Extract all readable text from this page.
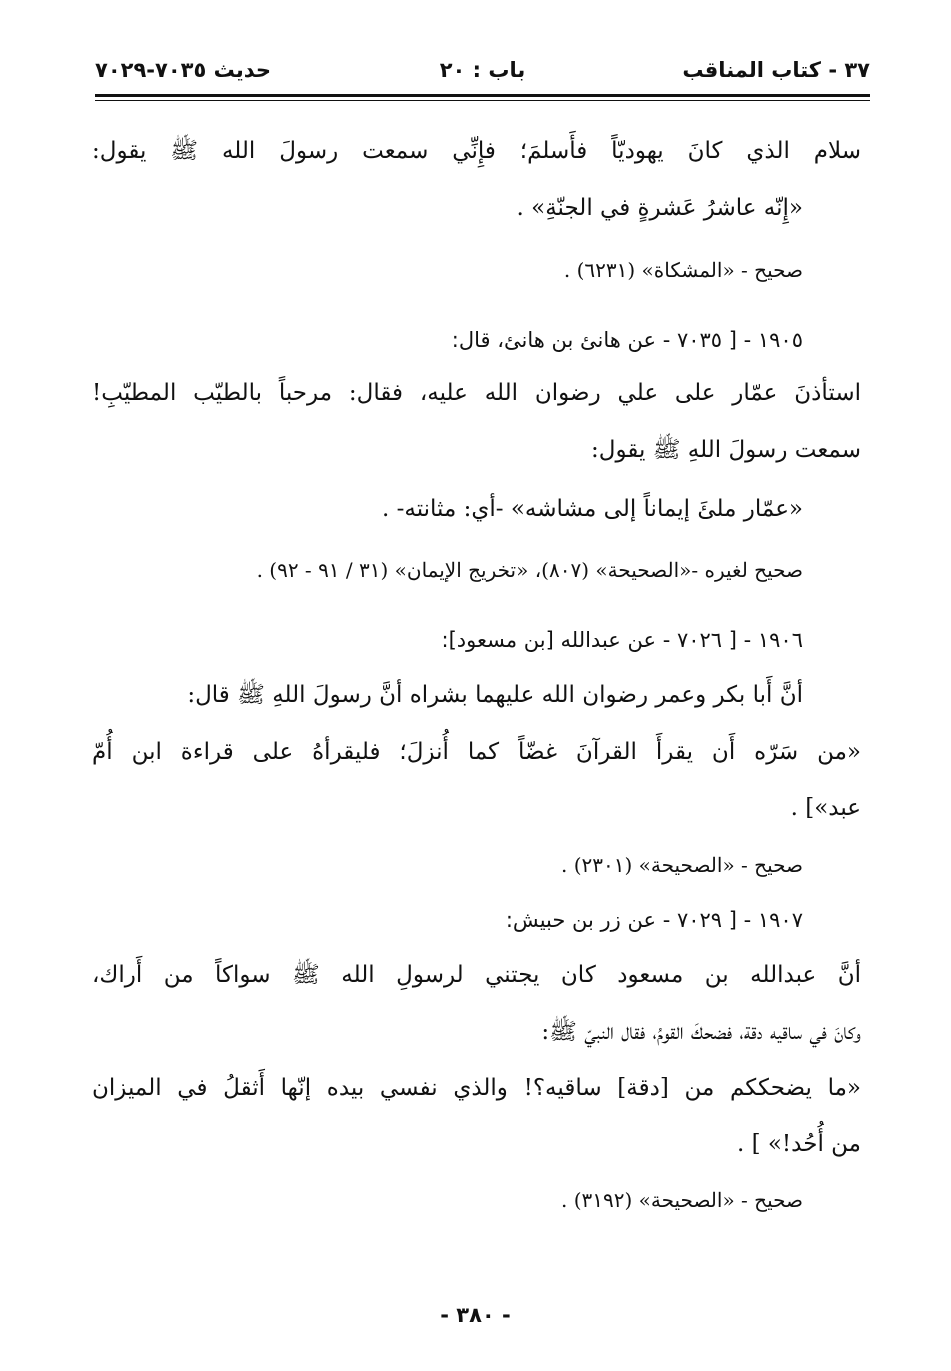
٣٧ - كتاب المناقب
باب : ٢٠
حديث ٧٠٣٥-٧٠٢٩
سلام الذي كانَ يهوديّاً فأَسلمَ؛ فإِنِّي سمعت رسولَ الله ﷺ يقول:
«إِنّه عاشرُ عَشرةٍ في الجنّةِ» .
صحيح - «المشكاة» (٦٢٣١) .
١٩٠٥ - [ ٧٠٣٥ - عن هانئ بن هانئ، قال:
استأذنَ عمّار على علي رضوان الله عليه، فقال: مرحباً بالطيّب المطيّبِ!
سمعت رسولَ اللهِ ﷺ يقول:
«عمّار ملئَ إيماناً إلى مشاشه» -أي: مثانته- .
صحيح لغيره -«الصحيحة» (٨٠٧)، «تخريج الإيمان» (٣١ / ٩١ - ٩٢) .
١٩٠٦ - [ ٧٠٢٦ - عن عبدالله [بن مسعود]:
أنَّ أَبا بكر وعمر رضوان الله عليهما بشراه أنَّ رسولَ اللهِ ﷺ قال:
«من سَرّه أَن يقرأَ القرآنَ غضّاً كما أُنزلَ؛ فليقرأهُ على قراءة ابن أُمّ
عبد»] .
صحيح - «الصحيحة» (٢٣٠١) .
١٩٠٧ - [ ٧٠٢٩ - عن زر بن حبيش:
أنَّ عبدالله بن مسعود كان يجتني لرسولِ الله ﷺ سواكاً من أَراك،
وكانَ في ساقيه دقة، فضحكَ القومُ، فقال النبيّ ﷺ:
«ما يضحككم من [دقة] ساقيه؟! والذي نفسي بيده إنّها أَثقلُ في الميزان
من أُحُد!» ] .
صحيح - «الصحيحة» (٣١٩٢) .
- ٣٨٠ -
